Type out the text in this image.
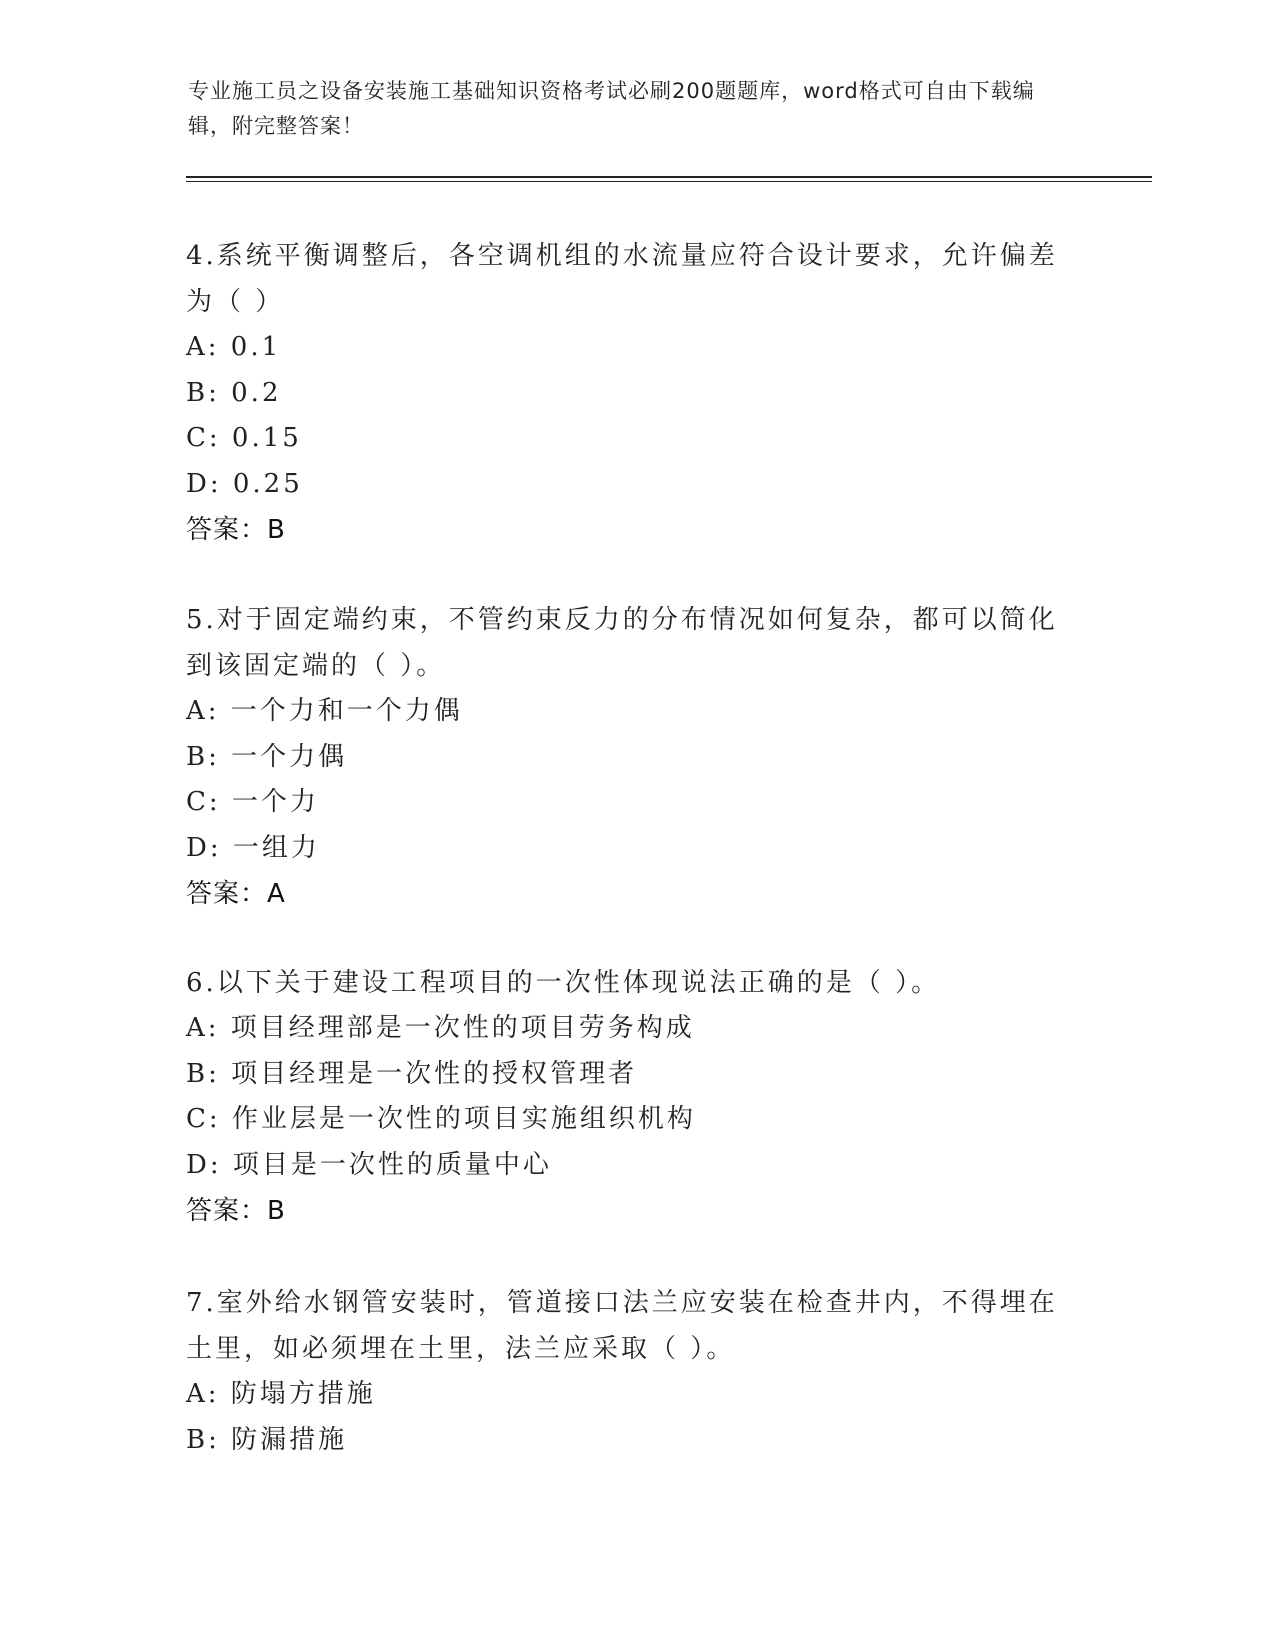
专业施工员之设备安装施工基础知识资格考试必刷200题题库，word格式可自由下载编辑，附完整答案！
4.系统平衡调整后，各空调机组的水流量应符合设计要求，允许偏差为（ ）
A: 0.1
B: 0.2
C: 0.15
D: 0.25
答案：B
5.对于固定端约束，不管约束反力的分布情况如何复杂，都可以简化到该固定端的（ ）。
A: 一个力和一个力偶
B: 一个力偶
C: 一个力
D: 一组力
答案：A
6.以下关于建设工程项目的一次性体现说法正确的是（ ）。
A: 项目经理部是一次性的项目劳务构成
B: 项目经理是一次性的授权管理者
C: 作业层是一次性的项目实施组织机构
D: 项目是一次性的质量中心
答案：B
7.室外给水钢管安装时，管道接口法兰应安装在检查井内，不得埋在土里，如必须埋在土里，法兰应采取（ ）。
A: 防塌方措施
B: 防漏措施
